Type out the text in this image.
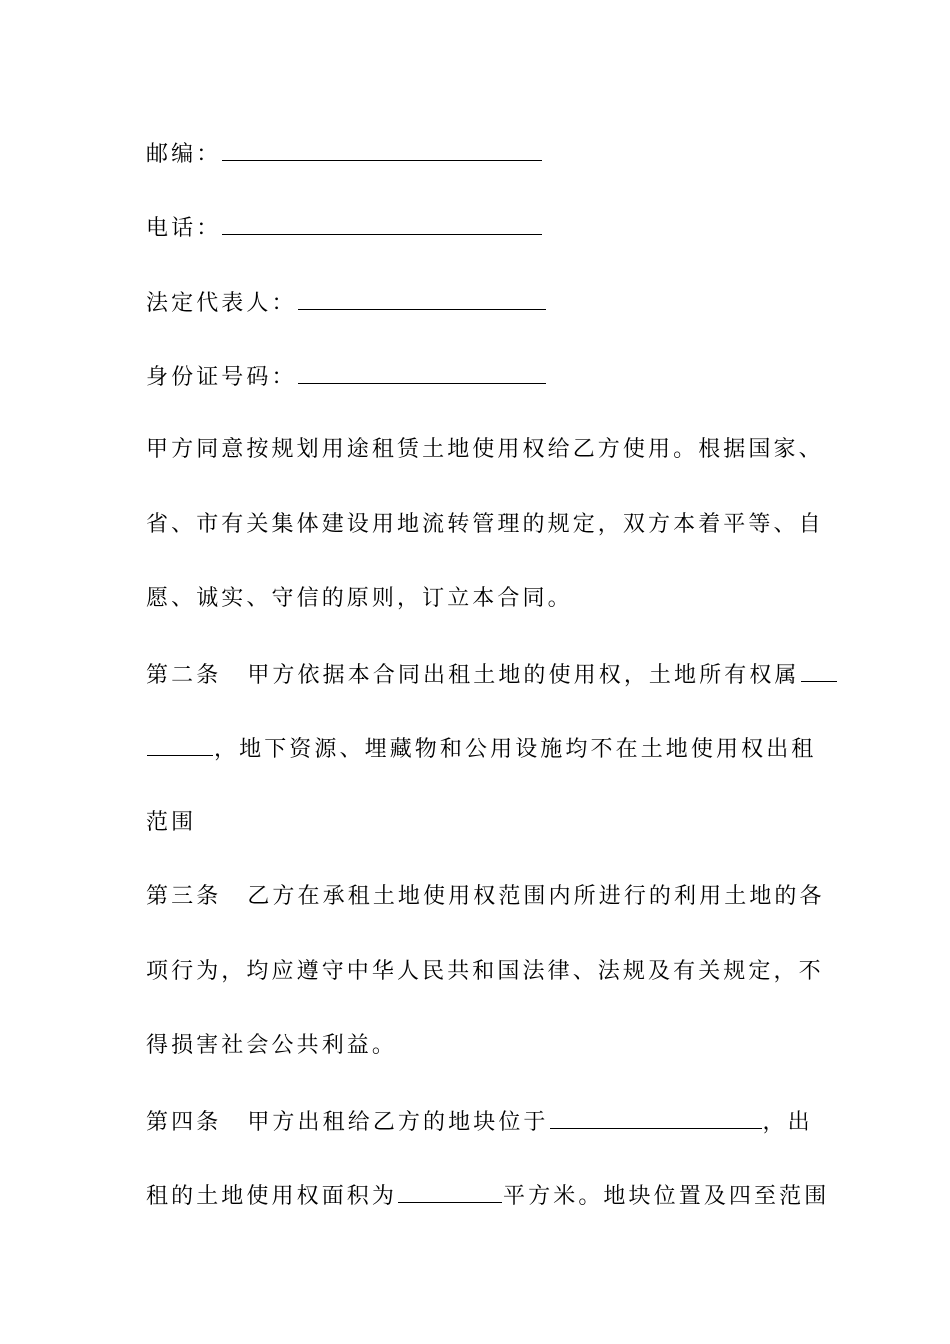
邮编：
电话：
法定代表人：
身份证号码：
甲方同意按规划用途租赁土地使用权给乙方使用。根据国家、
省、市有关集体建设用地流转管理的规定，双方本着平等、自
愿、诚实、守信的原则，订立本合同。
第二条 甲方依据本合同出租土地的使用权，土地所有权属
，地下资源、埋藏物和公用设施均不在土地使用权出租
范围
第三条 乙方在承租土地使用权范围内所进行的利用土地的各
项行为，均应遵守中华人民共和国法律、法规及有关规定，不
得损害社会公共利益。
第四条 甲方出租给乙方的地块位于	，出
租的土地使用权面积为	平方米。地块位置及四至范围
